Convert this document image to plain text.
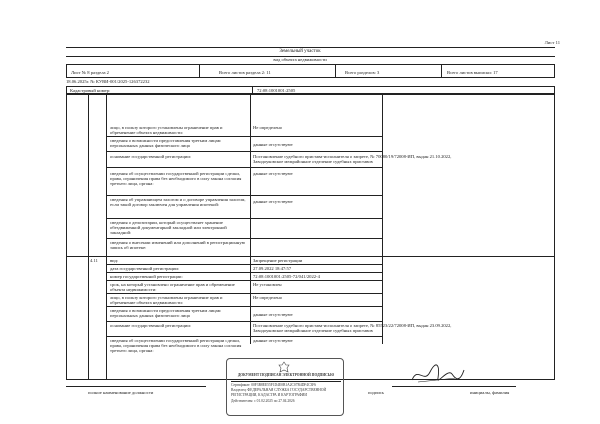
Лист 11
Земельный участок
вид объекта недвижимости
Лист № 8 раздела 2	Всего листов раздела 2: 11	Всего разделов: 3	Всего листов выписки: 17
18.06.2025г. № КУВИ-001/2025-126372232
Кадастровый номер:	72:08:1001001:2505
лицо, в пользу которого установлены ограничение прав и обременение объекта недвижимости:
Не определено
сведения о возможности предоставления третьим лицам персональных данных физического лица	данные отсутствуют
основание государственной регистрации:	Постановление судебного пристава-исполнителя о запрете, № 70080/19/72008-ИП, выдан 21.10.2022, Заводоуковское межрайонное отделение судебных приставов
сведения об осуществлении государственной регистрации сделки, права, ограничения права без необходимого в силу закона согласия третьего лица, органа:
данные отсутствуют
сведения об управляющем залогом и о договоре управления залогом, если такой договор заключен для управления ипотекой:
данные отсутствуют
сведения о депозитарии, который осуществляет хранение обездвиженной документарной закладной или электронной закладной:
сведения о внесении изменений или дополнений в регистрационную запись об ипотеке:
4.11	вид:	Запрещение регистрации
дата государственной регистрации:	27.09.2022 18:47:57
номер государственной регистрации:	72:08:1001001:2505-72/041/2022-4
срок, на который установлено ограничение прав и обременение объекта недвижимости:
Не установлен
лицо, в пользу которого установлены ограничение прав и обременение объекта недвижимости:
Не определено
сведения о возможности предоставления третьим лицам персональных данных физического лица	данные отсутствуют
основание государственной регистрации:	Постановление судебного пристава-исполнителя о запрете, № 85523/22/72008-ИП, выдан 23.09.2022, Заводоуковское межрайонное отделение судебных приставов
сведения об осуществлении государственной регистрации сделки, права, ограничения права без необходимого в силу закона согласия третьего лица, органа:
данные отсутствуют
полное наименование должности
ДОКУМЕНТ ПОДПИСАН ЭЛЕКТРОННОЙ ПОДПИСЬЮ
Сертификат: 00F3B8EE55F1D4E0B1A2C07B4DF4C3F6
Владелец: ФЕДЕРАЛЬНАЯ СЛУЖБА ГОСУДАРСТВЕННОЙ
РЕГИСТРАЦИИ, КАДАСТРА И КАРТОГРАФИИ
Действителен: с 01.02.2025 по 27.04.2026
подпись	инициалы, фамилия
